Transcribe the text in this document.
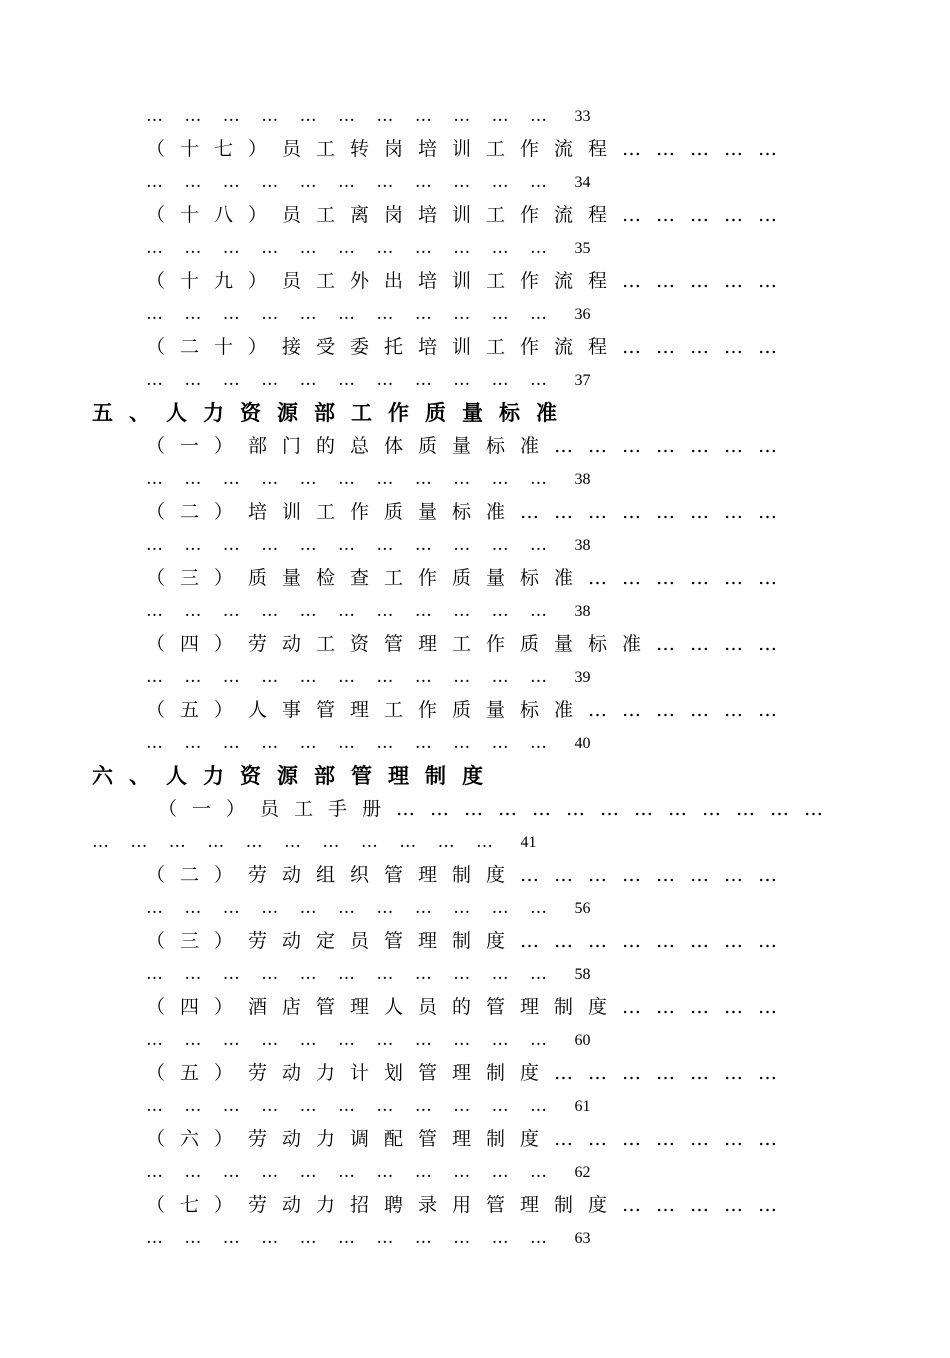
… … … … … … … … … … … 33
（十七）员工转岗培训工作流程……………
… … … … … … … … … … … 34
（十八）员工离岗培训工作流程……………
… … … … … … … … … … … 35
（十九）员工外出培训工作流程……………
… … … … … … … … … … … 36
（二十）接受委托培训工作流程……………
… … … … … … … … … … … 37
五、人力资源部工作质量标准
（一）部门的总体质量标准…………………
… … … … … … … … … … … 38
（二）培训工作质量标准……………………
… … … … … … … … … … … 38
（三）质量检查工作质量标准………………
… … … … … … … … … … … 38
（四）劳动工资管理工作质量标准…………
… … … … … … … … … … … 39
（五）人事管理工作质量标准………………
… … … … … … … … … … … 40
六、人力资源部管理制度
（一）员工手册…………………………………
… … … … … … … … … … … 41
（二）劳动组织管理制度……………………
… … … … … … … … … … … 56
（三）劳动定员管理制度……………………
… … … … … … … … … … … 58
（四）酒店管理人员的管理制度……………
… … … … … … … … … … … 60
（五）劳动力计划管理制度…………………
… … … … … … … … … … … 61
（六）劳动力调配管理制度…………………
… … … … … … … … … … … 62
（七）劳动力招聘录用管理制度……………
… … … … … … … … … … … 63
